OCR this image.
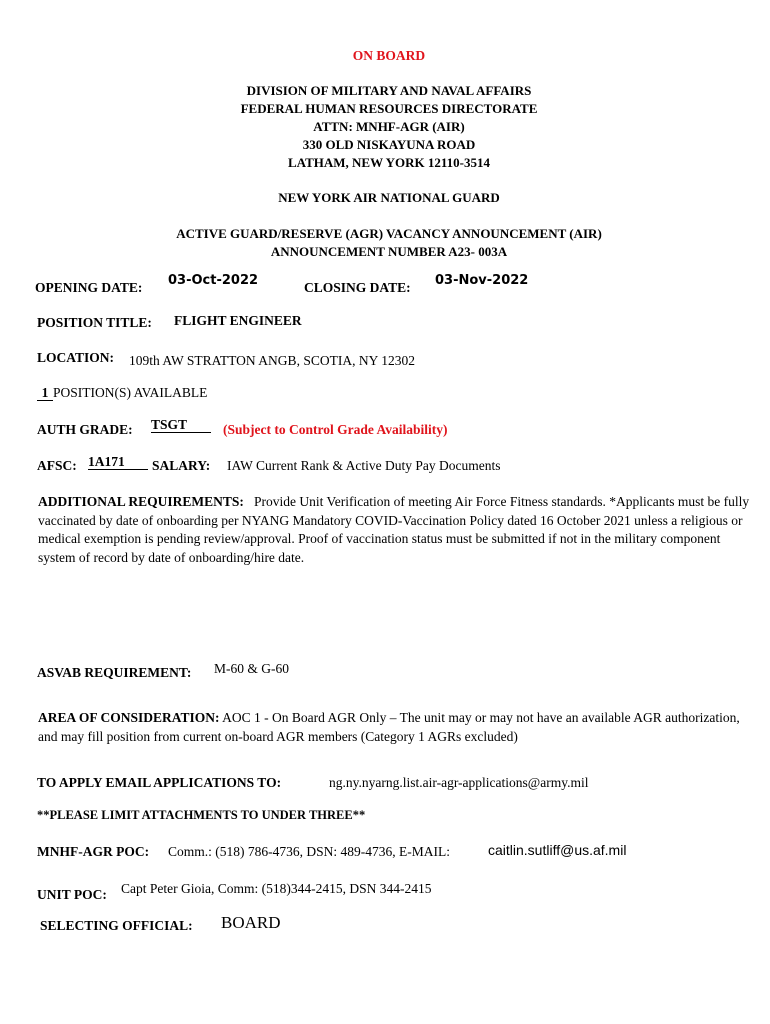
ON BOARD
DIVISION OF MILITARY AND NAVAL AFFAIRS
FEDERAL HUMAN RESOURCES DIRECTORATE
ATTN: MNHF-AGR (AIR)
330 OLD NISKAYUNA ROAD
LATHAM, NEW YORK 12110-3514
NEW YORK AIR NATIONAL GUARD
ACTIVE GUARD/RESERVE (AGR) VACANCY ANNOUNCEMENT (AIR)
ANNOUNCEMENT NUMBER A23- 003A
OPENING DATE: 03-Oct-2022	CLOSING DATE: 03-Nov-2022
POSITION TITLE: FLIGHT ENGINEER
LOCATION: 109th AW STRATTON ANGB, SCOTIA, NY 12302
1 POSITION(S) AVAILABLE
AUTH GRADE: TSGT	(Subject to Control Grade Availability)
AFSC: 1A171	SALARY: IAW Current Rank & Active Duty Pay Documents
ADDITIONAL REQUIREMENTS: Provide Unit Verification of meeting Air Force Fitness standards. *Applicants must be fully vaccinated by date of onboarding per NYANG Mandatory COVID-Vaccination Policy dated 16 October 2021 unless a religious or medical exemption is pending review/approval. Proof of vaccination status must be submitted if not in the military component system of record by date of onboarding/hire date.
ASVAB REQUIREMENT: M-60 & G-60
AREA OF CONSIDERATION: AOC 1 - On Board AGR Only – The unit may or may not have an available AGR authorization, and may fill position from current on-board AGR members (Category 1 AGRs excluded)
TO APPLY EMAIL APPLICATIONS TO:	ng.ny.nyarng.list.air-agr-applications@army.mil
**PLEASE LIMIT ATTACHMENTS TO UNDER THREE**
MNHF-AGR POC: Comm.: (518) 786-4736, DSN: 489-4736, E-MAIL:	caitlin.sutliff@us.af.mil
UNIT POC: Capt Peter Gioia, Comm: (518)344-2415, DSN 344-2415
SELECTING OFFICIAL: BOARD
